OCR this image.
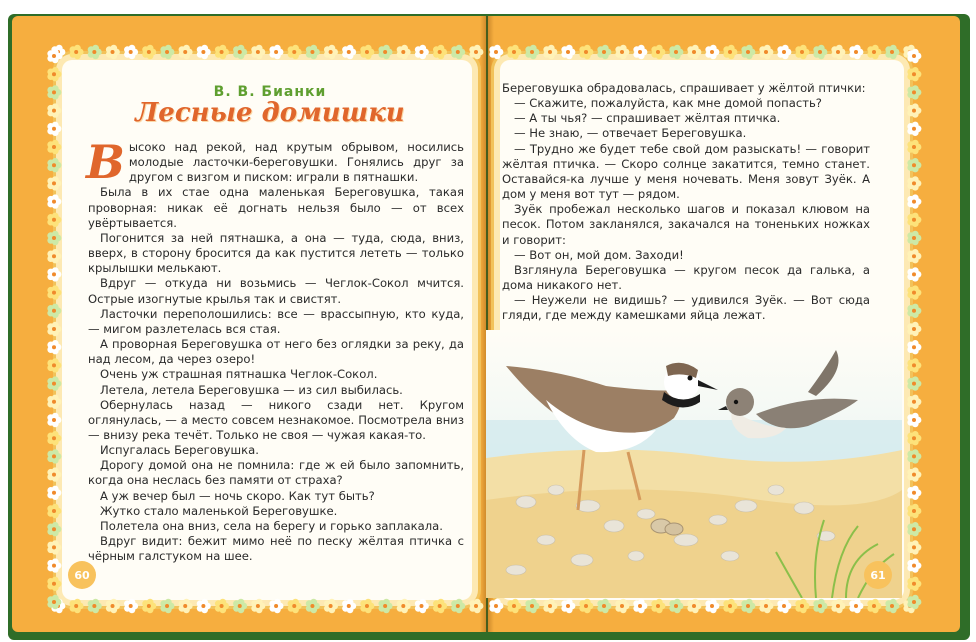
В. В. Бианки
Лесные домишки
В ысоко над рекой, над крутым обрывом, носились молодые ласточки-береговушки. Гонялись друг за другом с визгом и писком: играли в пятнашки.

Была в их стае одна маленькая Береговушка, такая проворная: никак её догнать нельзя было — от всех увёртывается.

Погонится за ней пятнашка, а она — туда, сюда, вниз, вверх, в сторону бросится да как пустится лететь — только крылышки мелькают.

Вдруг — откуда ни возьмись — Чеглок-Сокол мчится. Острые изогнутые крылья так и свистят.

Ласточки переполошились: все — врассыпную, кто куда, — мигом разлетелась вся стая.

А проворная Береговушка от него без оглядки за реку, да над лесом, да через озеро!

Очень уж страшная пятнашка Чеглок-Сокол.

Летела, летела Береговушка — из сил выбилась.

Обернулась назад — никого сзади нет. Кругом оглянулась, — а место совсем незнакомое. Посмотрела вниз — внизу река течёт. Только не своя — чужая какая-то.

Испугалась Береговушка.

Дорогу домой она не помнила: где ж ей было запомнить, когда она неслась без памяти от страха?

А уж вечер был — ночь скоро. Как тут быть?

Жутко стало маленькой Береговушке.

Полетела она вниз, села на берегу и горько заплакала.

Вдруг видит: бежит мимо неё по песку жёлтая птичка с чёрным галстуком на шее.

Береговушка обрадовалась, спрашивает у жёлтой птички:

— Скажите, пожалуйста, как мне домой попасть?

— А ты чья? — спрашивает жёлтая птичка.

— Не знаю, — отвечает Береговушка.

— Трудно же будет тебе свой дом разыскать! — говорит жёлтая птичка. — Скоро солнце закатится, темно станет. Оставайся-ка лучше у меня ночевать. Меня зовут Зуёк. А дом у меня вот тут — рядом.

Зуёк пробежал несколько шагов и показал клювом на песок. Потом закланялся, закачался на тоненьких ножках и говорит:

— Вот он, мой дом. Заходи!

Взглянула Береговушка — кругом песок да галька, а дома никакого нет.

— Неужели не видишь? — удивился Зуёк. — Вот сюда гляди, где между камешками яйца лежат.

60	61
